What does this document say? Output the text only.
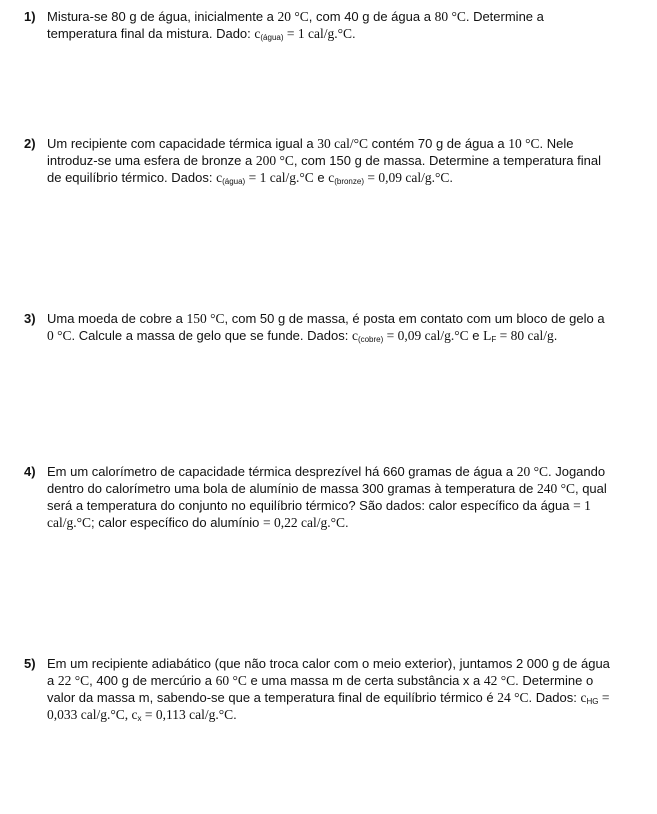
1) Mistura-se 80 g de água, inicialmente a 20 °C, com 40 g de água a 80 °C. Determine a
temperatura final da mistura. Dado: $c_{(água)} = 1$ cal/g.°C.
2) Um recipiente com capacidade térmica igual a 30 cal/°C contém 70 g de água a 10 °C. Nele
introduz-se uma esfera de bronze a 200 °C, com 150 g de massa. Determine a temperatura final
de equilíbrio térmico. Dados: $c_{(água)} = 1$ cal/g.°C e $c_{(bronze)} = 0,09$ cal/g.°C.
3) Uma moeda de cobre a 150 °C, com 50 g de massa, é posta em contato com um bloco de gelo a
0 °C. Calcule a massa de gelo que se funde. Dados: $c_{(cobre)} = 0,09$ cal/g.°C e $L_F = 80$ cal/g.
4) Em um calorímetro de capacidade térmica desprezível há 660 gramas de água a 20 °C. Jogando
dentro do calorímetro uma bola de alumínio de massa 300 gramas à temperatura de 240 °C, qual
será a temperatura do conjunto no equilíbrio térmico? São dados: calor específico da água = 1
cal/g.°C; calor específico do alumínio = 0,22 cal/g.°C.
5) Em um recipiente adiabático (que não troca calor com o meio exterior), juntamos 2 000 g de água
a 22 °C, 400 g de mercúrio a 60 °C e uma massa m de certa substância x a 42 °C. Determine o
valor da massa m, sabendo-se que a temperatura final de equilíbrio térmico é 24 °C. Dados: $c_{HG}$ =
0,033 cal/g.°C, $c_x = 0,113$ cal/g.°C.
